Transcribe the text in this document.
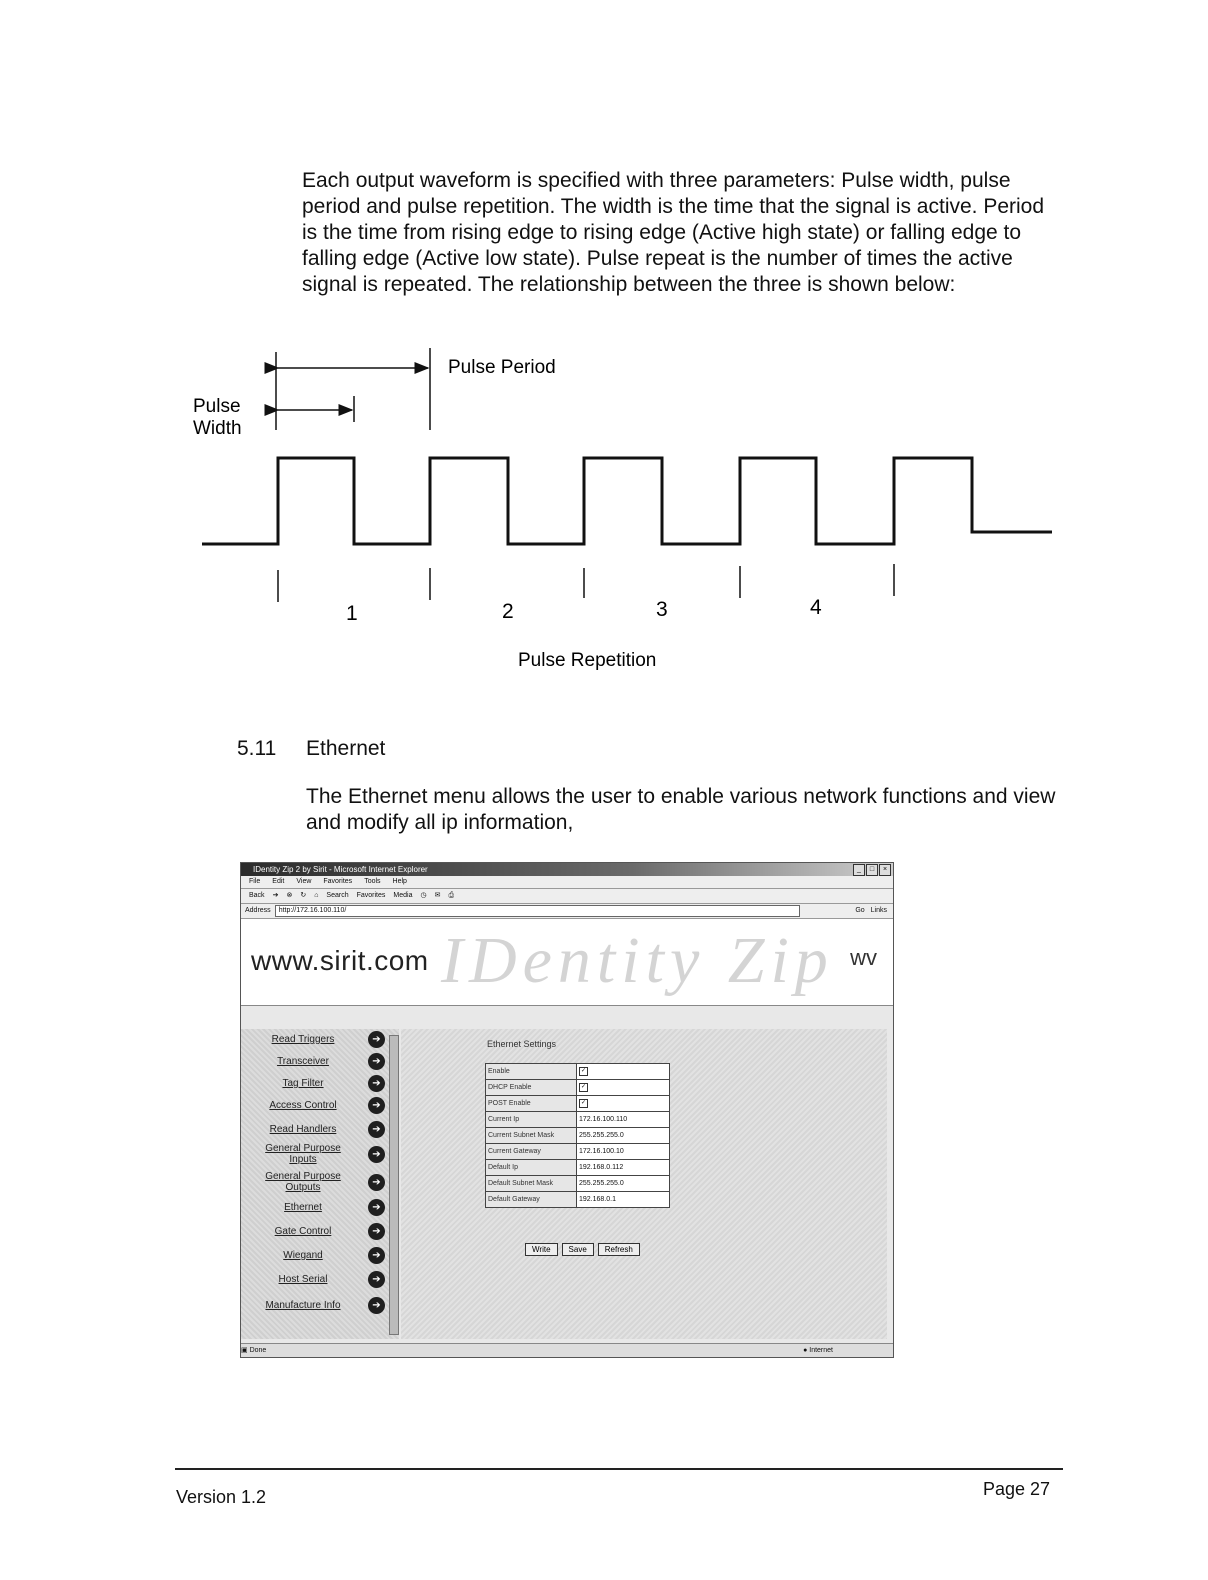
Each output waveform is specified with three parameters: Pulse width, pulse period and pulse repetition. The width is the time that the signal is active. Period is the time from rising edge to rising edge (Active high state) or falling edge to falling edge (Active low state). Pulse repeat is the number of times the active signal is repeated. The relationship between the three is shown below:

Pulse Period
Pulse
Width
1	2	3	4
Pulse Repetition
5.11 Ethernet

The Ethernet menu allows the user to enable various network functions and view and modify all ip information,

IDentity Zip 2 by Sirit - Microsoft Internet Explorer	_	□	×
File Edit View Favorites Tools Help
Back ➔ ⊗ ↻ ⌂ Search Favorites Media ◷ ✉ ⎙
Address	http://172.16.100.110/	Go Links
IDentity Zip
www.sirit.com	wv
Read Triggers	➔
Transceiver	➔
Tag Filter	➔
Access Control	➔
Read Handlers	➔
General Purpose Inputs	➔
General Purpose Outputs	➔
Ethernet	➔
Gate Control	➔
Wiegand	➔
Host Serial	➔
Manufacture Info	➔
Ethernet Settings
Enable	✓
DHCP Enable	✓
POST Enable	✓
Current Ip	172.16.100.110
Current Subnet Mask	255.255.255.0
Current Gateway	172.16.100.10
Default Ip	192.168.0.112
Default Subnet Mask	255.255.255.0
Default Gateway	192.168.0.1
Write	Save	Refresh
▣ Done	● Internet
Version 1.2	Page 27
